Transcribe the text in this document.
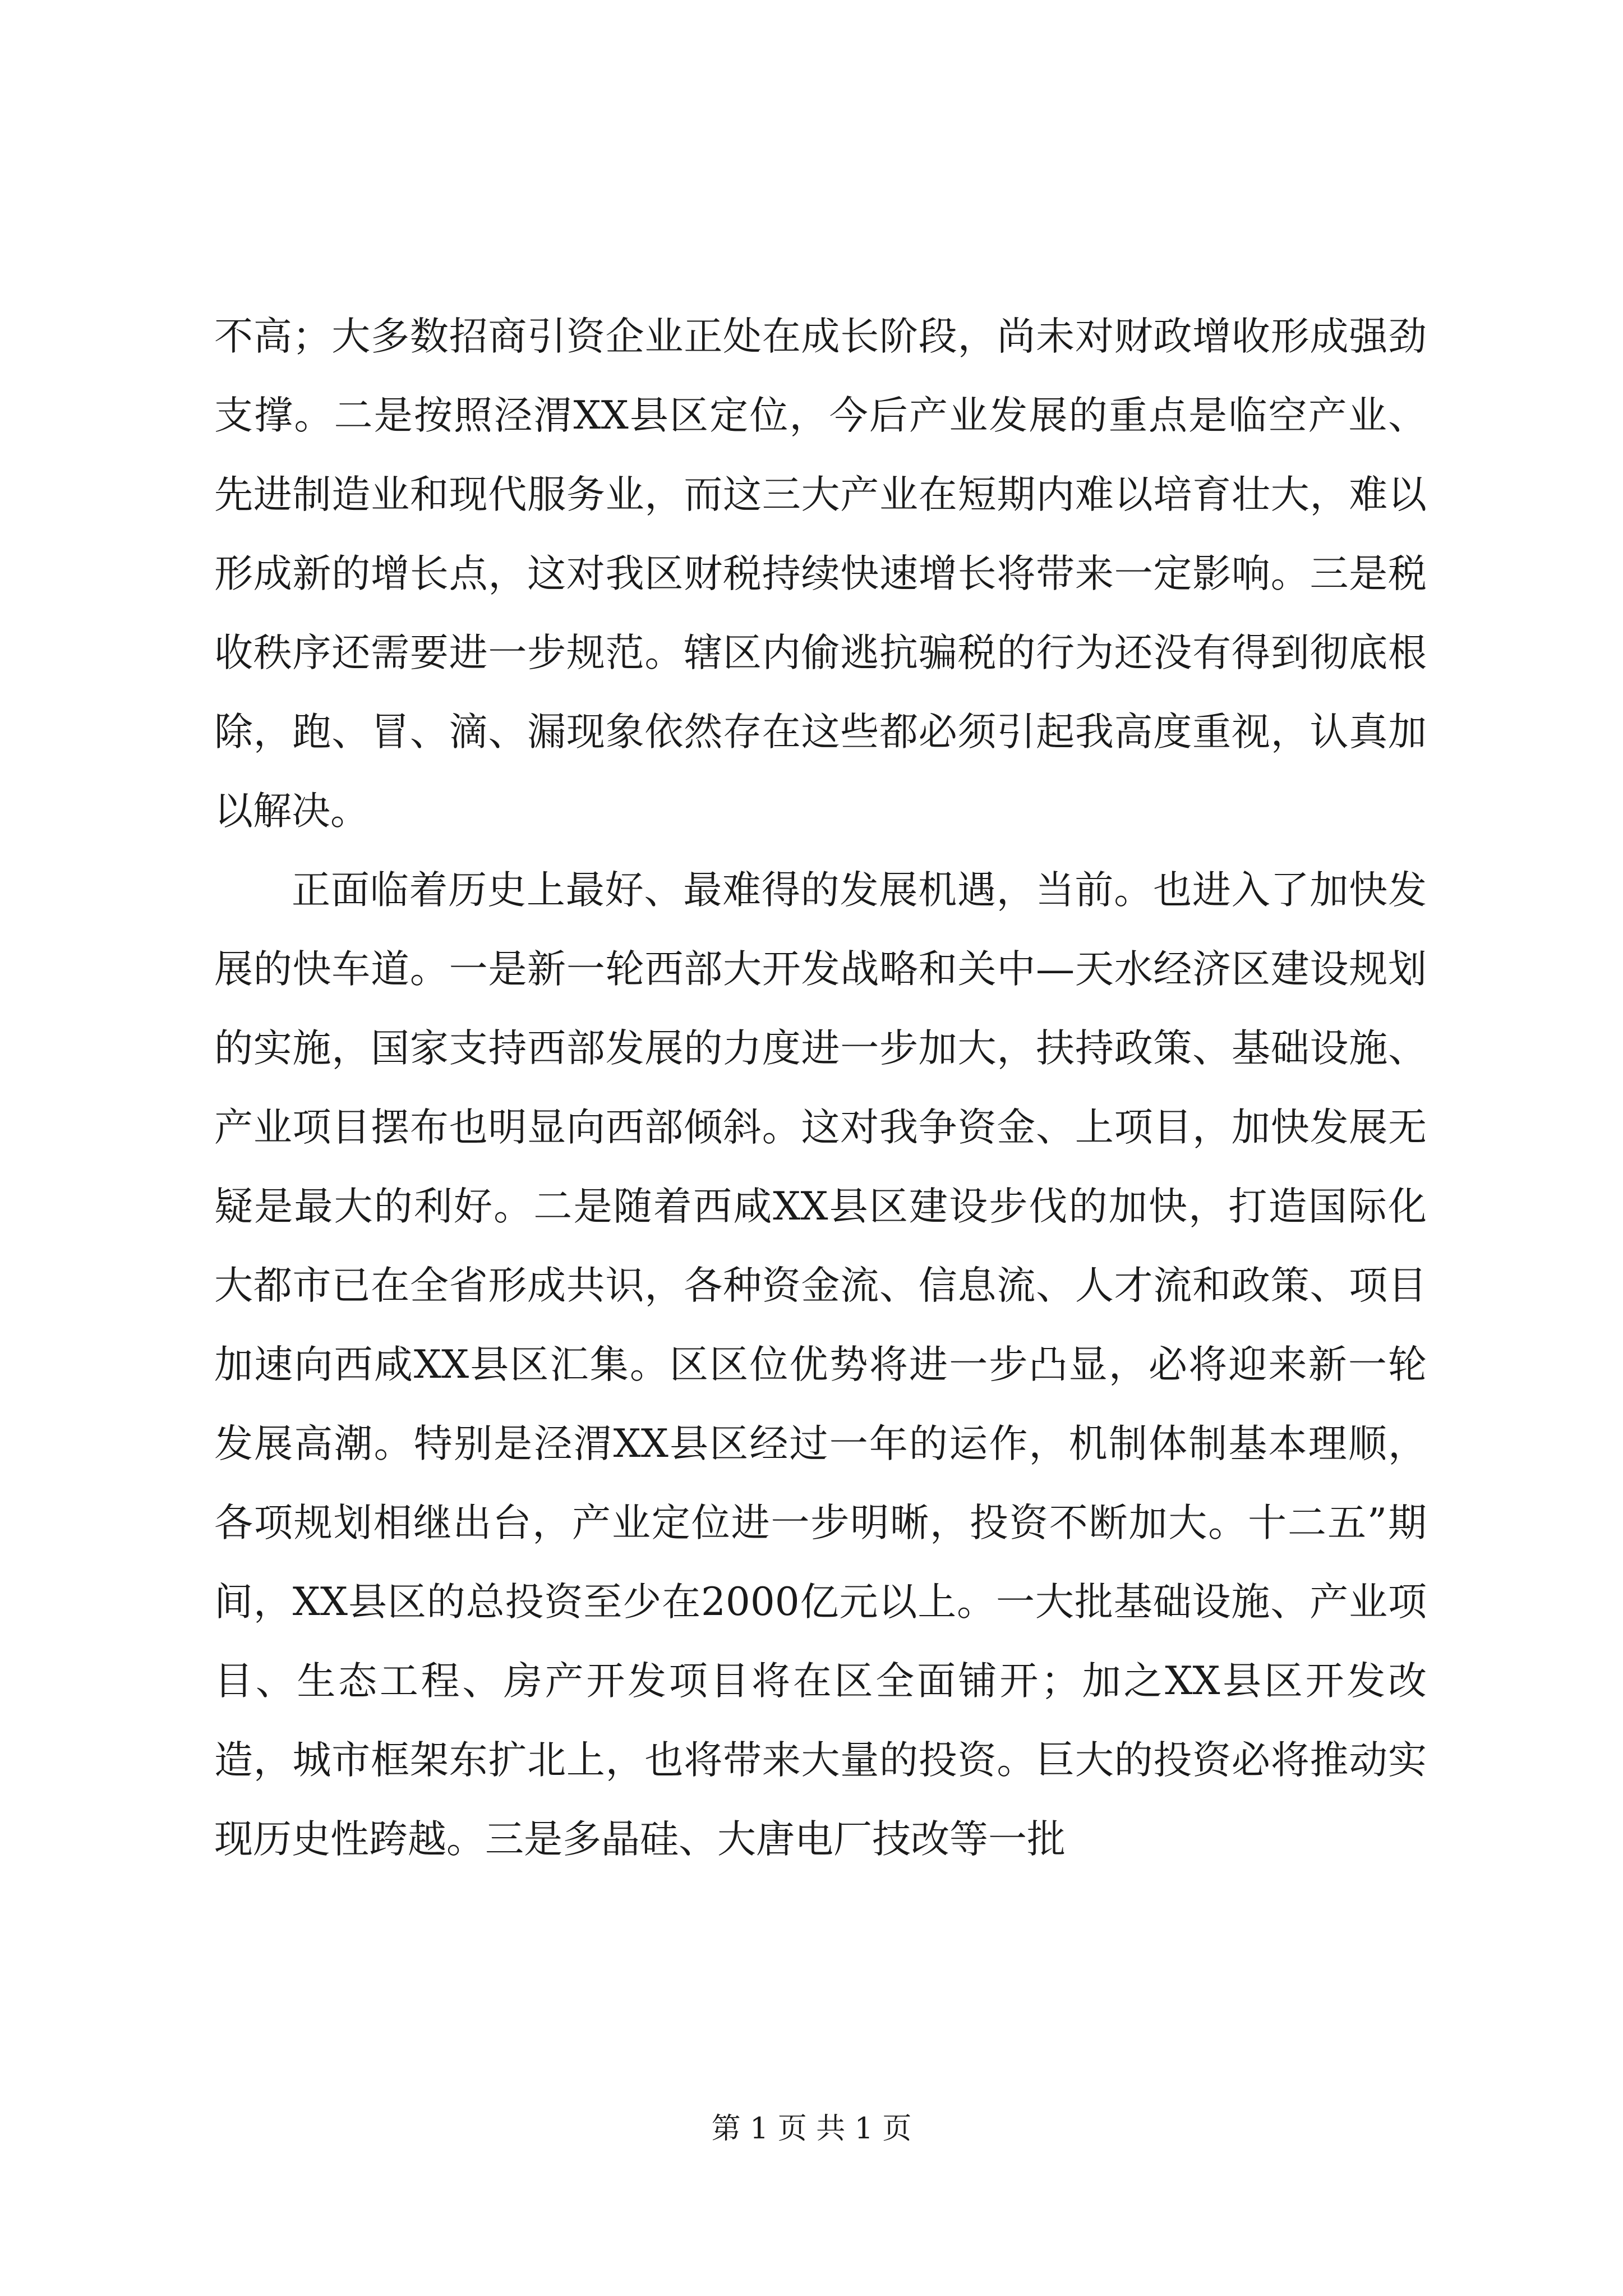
不高；大多数招商引资企业正处在成长阶段，尚未对财政增收形成强劲支撑。二是按照泾渭XX县区定位，今后产业发展的重点是临空产业、先进制造业和现代服务业，而这三大产业在短期内难以培育壮大，难以形成新的增长点，这对我区财税持续快速增长将带来一定影响。三是税收秩序还需要进一步规范。辖区内偷逃抗骗税的行为还没有得到彻底根除，跑、冒、滴、漏现象依然存在这些都必须引起我高度重视，认真加以解决。

正面临着历史上最好、最难得的发展机遇，当前。也进入了加快发展的快车道。一是新一轮西部大开发战略和关中—天水经济区建设规划的实施，国家支持西部发展的力度进一步加大，扶持政策、基础设施、产业项目摆布也明显向西部倾斜。这对我争资金、上项目，加快发展无疑是最大的利好。二是随着西咸XX县区建设步伐的加快，打造国际化大都市已在全省形成共识，各种资金流、信息流、人才流和政策、项目加速向西咸XX县区汇集。区区位优势将进一步凸显，必将迎来新一轮发展高潮。特别是泾渭XX县区经过一年的运作，机制体制基本理顺，各项规划相继出台，产业定位进一步明晰，投资不断加大。十二五”期间，XX县区的总投资至少在2000亿元以上。一大批基础设施、产业项目、生态工程、房产开发项目将在区全面铺开；加之XX县区开发改造，城市框架东扩北上，也将带来大量的投资。巨大的投资必将推动实现历史性跨越。三是多晶硅、大唐电厂技改等一批

第 1 页 共 1 页
